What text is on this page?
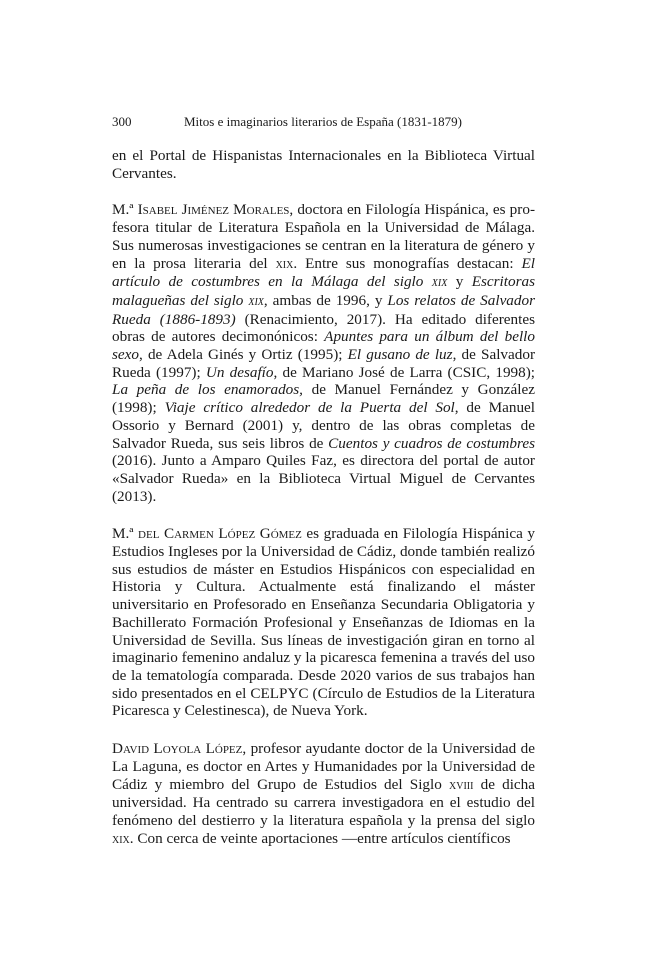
300	Mitos e imaginarios literarios de España (1831-1879)

en el Portal de Hispanistas Internacionales en la Biblioteca Virtual Cervantes.

M.ª Isabel Jiménez Morales, doctora en Filología Hispánica, es profesora titular de Literatura Española en la Universidad de Málaga. Sus numerosas investigaciones se centran en la literatura de género y en la prosa literaria del xix. Entre sus monografías destacan: El artículo de costumbres en la Málaga del siglo xix y Escritoras malagueñas del siglo xix, ambas de 1996, y Los relatos de Salvador Rueda (1886-1893) (Renacimiento, 2017). Ha editado diferentes obras de autores decimonónicos: Apuntes para un álbum del bello sexo, de Adela Ginés y Ortiz (1995); El gusano de luz, de Salvador Rueda (1997); Un desafío, de Mariano José de Larra (CSIC, 1998); La peña de los enamorados, de Manuel Fernández y González (1998); Viaje crítico alrededor de la Puerta del Sol, de Manuel Ossorio y Bernard (2001) y, dentro de las obras completas de Salvador Rueda, sus seis libros de Cuentos y cuadros de costumbres (2016). Junto a Amparo Quiles Faz, es directora del portal de autor «Salvador Rueda» en la Biblioteca Virtual Miguel de Cervantes (2013).

M.ª del Carmen López Gómez es graduada en Filología Hispánica y Estudios Ingleses por la Universidad de Cádiz, donde también realizó sus estudios de máster en Estudios Hispánicos con especialidad en Historia y Cultura. Actualmente está finalizando el máster universitario en Profesorado en Enseñanza Secundaria Obligatoria y Bachillerato Formación Profesional y Enseñanzas de Idiomas en la Universidad de Sevilla. Sus líneas de investigación giran en torno al imaginario femenino andaluz y la picaresca femenina a través del uso de la tematología comparada. Desde 2020 varios de sus trabajos han sido presentados en el CELPYC (Círculo de Estudios de la Literatura Picaresca y Celestinesca), de Nueva York.

David Loyola López, profesor ayudante doctor de la Universidad de La Laguna, es doctor en Artes y Humanidades por la Universidad de Cádiz y miembro del Grupo de Estudios del Siglo xviii de dicha universidad. Ha centrado su carrera investigadora en el estudio del fenómeno del destierro y la literatura española y la prensa del siglo xix. Con cerca de veinte aportaciones —entre artículos científicos
